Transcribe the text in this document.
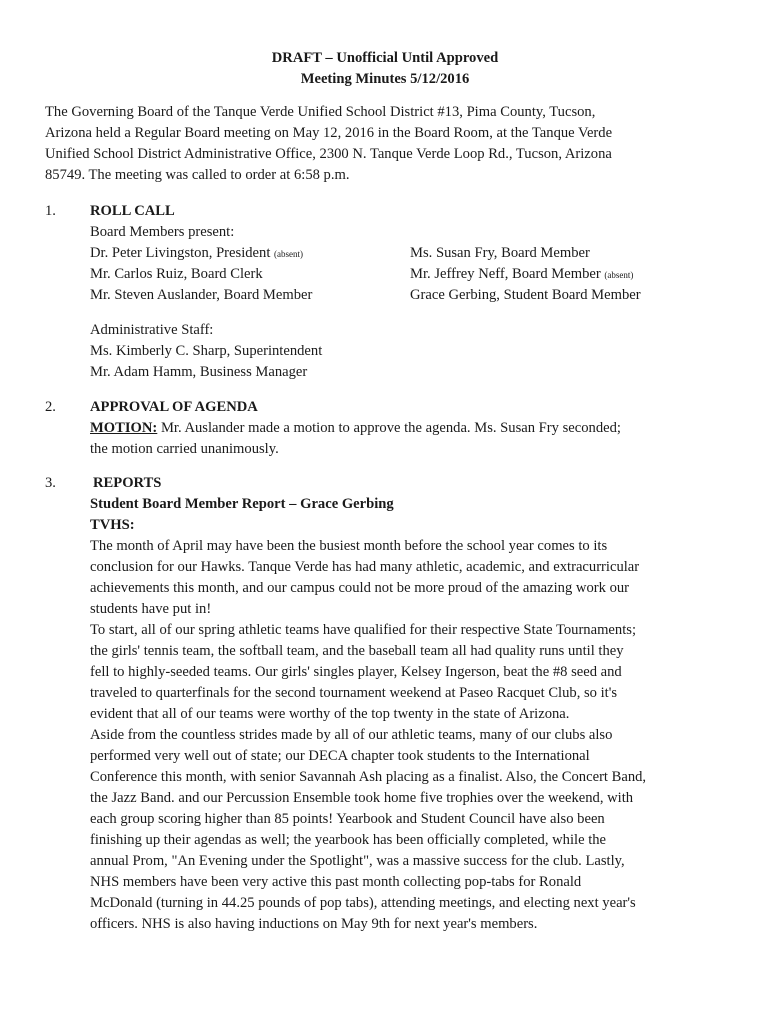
DRAFT – Unofficial Until Approved
Meeting Minutes 5/12/2016
The Governing Board of the Tanque Verde Unified School District #13, Pima County, Tucson,
Arizona held a Regular Board meeting on May 12, 2016 in the Board Room, at the Tanque Verde
Unified School District Administrative Office, 2300 N. Tanque Verde Loop Rd., Tucson, Arizona
85749. The meeting was called to order at 6:58 p.m.
1. ROLL CALL
Board Members present:
Dr. Peter Livingston, President (absent)	Ms. Susan Fry, Board Member
Mr. Carlos Ruiz, Board Clerk	Mr. Jeffrey Neff, Board Member (absent)
Mr. Steven Auslander, Board Member	Grace Gerbing, Student Board Member
Administrative Staff:
Ms. Kimberly C. Sharp, Superintendent
Mr. Adam Hamm, Business Manager
2. APPROVAL OF AGENDA
MOTION: Mr. Auslander made a motion to approve the agenda. Ms. Susan Fry seconded;
the motion carried unanimously.
3.	REPORTS
Student Board Member Report – Grace Gerbing
TVHS:
The month of April may have been the busiest month before the school year comes to its
conclusion for our Hawks. Tanque Verde has had many athletic, academic, and extracurricular
achievements this month, and our campus could not be more proud of the amazing work our
students have put in!
To start, all of our spring athletic teams have qualified for their respective State Tournaments;
the girls' tennis team, the softball team, and the baseball team all had quality runs until they
fell to highly-seeded teams. Our girls' singles player, Kelsey Ingerson, beat the #8 seed and
traveled to quarterfinals for the second tournament weekend at Paseo Racquet Club, so it's
evident that all of our teams were worthy of the top twenty in the state of Arizona.
Aside from the countless strides made by all of our athletic teams, many of our clubs also
performed very well out of state; our DECA chapter took students to the International
Conference this month, with senior Savannah Ash placing as a finalist. Also, the Concert Band,
the Jazz Band. and our Percussion Ensemble took home five trophies over the weekend, with
each group scoring higher than 85 points! Yearbook and Student Council have also been
finishing up their agendas as well; the yearbook has been officially completed, while the
annual Prom, "An Evening under the Spotlight", was a massive success for the club. Lastly,
NHS members have been very active this past month collecting pop-tabs for Ronald
McDonald (turning in 44.25 pounds of pop tabs), attending meetings, and electing next year's
officers. NHS is also having inductions on May 9th for next year's members.
